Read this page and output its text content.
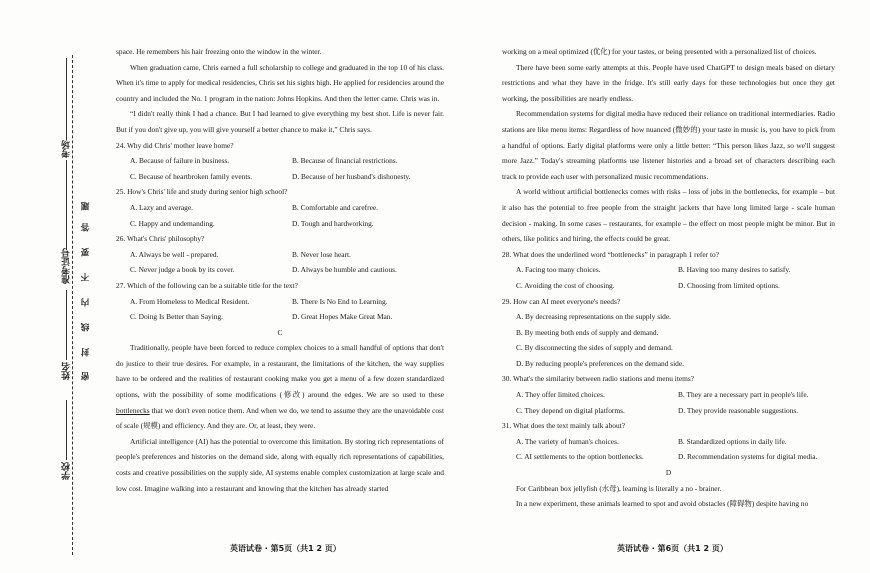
考场
准考证号
姓名
学校
题
答
要
不
内
线
封
密

space. He remembers his hair freezing onto the window in the winter.

When graduation came, Chris earned a full scholarship to college and graduated in the top 10 of his class. When it's time to apply for medical residencies, Chris set his sights high. He applied for residencies around the country and included the No. 1 program in the nation: Johns Hopkins. And then the letter came. Chris was in.

“I didn't really think I had a chance. But I had learned to give everything my best shot. Life is never fair. But if you don't give up, you will give yourself a better chance to make it,” Chris says.

24. Why did Chris' mother leave home?

A. Because of failure in business.	B. Because of financial restrictions.
C. Because of heartbroken family events.	D. Because of her husband's dishonesty.

25. How's Chris' life and study during senior high school?

A. Lazy and average.	B. Comfortable and carefree.
C. Happy and undemanding.	D. Tough and hardworking.

26. What's Chris' philosophy?

A. Always be well - prepared.	B. Never lose heart.
C. Never judge a book by its cover.	D. Always be humble and cautious.

27. Which of the following can be a suitable title for the text?

A. From Homeless to Medical Resident.	B. There Is No End to Learning.
C. Doing Is Better than Saying.	D. Great Hopes Make Great Man.

C

Traditionally, people have been forced to reduce complex choices to a small handful of options that don't do justice to their true desires. For example, in a restaurant, the limitations of the kitchen, the way supplies have to be ordered and the realities of restaurant cooking make you get a menu of a few dozen standardized options, with the possibility of some modifications (修改) around the edges. We are so used to these bottlenecks that we don't even notice them. And when we do, we tend to assume they are the unavoidable cost of scale (规模) and efficiency. And they are. Or, at least, they were.

Artificial intelligence (AI) has the potential to overcome this limitation. By storing rich representations of people's preferences and histories on the demand side, along with equally rich representations of capabilities, costs and creative possibilities on the supply side, AI systems enable complex customization at large scale and low cost. Imagine walking into a restaurant and knowing that the kitchen has already started

英语试卷 · 第5页（共1 2 页）

working on a meal optimized (优化) for your tastes, or being presented with a personalized list of choices.

There have been some early attempts at this. People have used ChatGPT to design meals based on dietary restrictions and what they have in the fridge. It's still early days for these technologies but once they get working, the possibilities are nearly endless.

Recommendation systems for digital media have reduced their reliance on traditional intermediaries. Radio stations are like menu items: Regardless of how nuanced (微妙的) your taste in music is, you have to pick from a handful of options. Early digital platforms were only a little better: “This person likes Jazz, so we'll suggest more Jazz.” Today's streaming platforms use listener histories and a broad set of characters describing each track to provide each user with personalized music recommendations.

A world without artificial bottlenecks comes with risks – loss of jobs in the bottlenecks, for example – but it also has the potential to free people from the straight jackets that have long limited large - scale human decision - making. In some cases – restaurants, for example – the effect on most people might be minor. But in others, like politics and hiring, the effects could be great.

28. What does the underlined word “bottlenecks” in paragraph 1 refer to?

A. Facing too many choices.	B. Having too many desires to satisfy.
C. Avoiding the cost of choosing.	D. Choosing from limited options.

29. How can AI meet everyone's needs?

A. By decreasing representations on the supply side.
B. By meeting both ends of supply and demand.
C. By disconnecting the sides of supply and demand.
D. By reducing people's preferences on the demand side.

30. What's the similarity between radio stations and menu items?

A. They offer limited choices.	B. They are a necessary part in people's life.
C. They depend on digital platforms.	D. They provide reasonable suggestions.

31. What does the text mainly talk about?

A. The variety of human's choices.	B. Standardized options in daily life.
C. AI settlements to the option bottlenecks.	D. Recommendation systems for digital media.

D

For Caribbean box jellyfish (水母), learning is literally a no - brainer.

In a new experiment, these animals learned to spot and avoid obstacles (障碍物) despite having no

英语试卷 · 第6页（共1 2 页）
